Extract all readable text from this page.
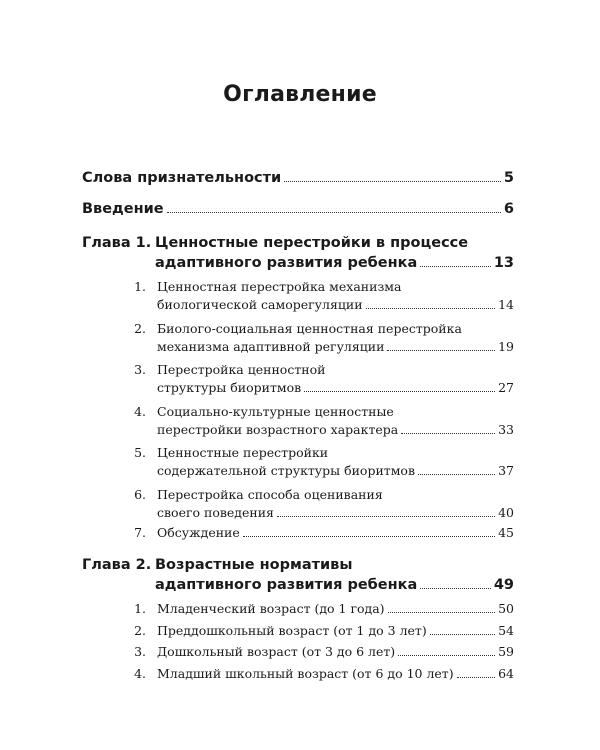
Оглавление
Слова признательности	5
Введение	6
Глава 1. Ценностные перестройки в процессе
адаптивного развития ребенка	13
1. Ценностная перестройка механизма
биологической саморегуляции	14
2. Биолого-социальная ценностная перестройка
механизма адаптивной регуляции	19
3. Перестройка ценностной
структуры биоритмов	27
4. Социально-культурные ценностные
перестройки возрастного характера	33
5. Ценностные перестройки
содержательной структуры биоритмов	37
6. Перестройка способа оценивания
своего поведения	40
7. Обсуждение	45
Глава 2. Возрастные нормативы
адаптивного развития ребенка	49
1. Младенческий возраст (до 1 года)	50
2. Преддошкольный возраст (от 1 до 3 лет)	54
3. Дошкольный возраст (от 3 до 6 лет)	59
4. Младший школьный возраст (от 6 до 10 лет)	64
